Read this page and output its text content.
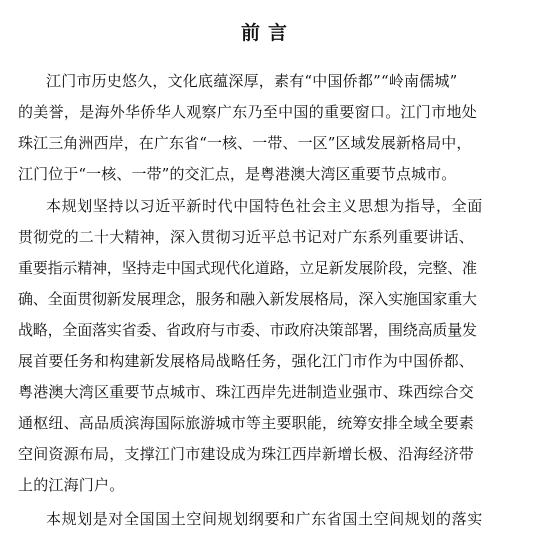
前言
江门市历史悠久，文化底蕴深厚，素有“中国侨都”“岭南儒城”
的美誉，是海外华侨华人观察广东乃至中国的重要窗口。江门市地处
珠江三角洲西岸，在广东省“一核、一带、一区”区域发展新格局中，
江门位于“一核、一带”的交汇点，是粤港澳大湾区重要节点城市。
本规划坚持以习近平新时代中国特色社会主义思想为指导，全面
贯彻党的二十大精神，深入贯彻习近平总书记对广东系列重要讲话、
重要指示精神，坚持走中国式现代化道路，立足新发展阶段，完整、准
确、全面贯彻新发展理念，服务和融入新发展格局，深入实施国家重大
战略，全面落实省委、省政府与市委、市政府决策部署，围绕高质量发
展首要任务和构建新发展格局战略任务，强化江门市作为中国侨都、
粤港澳大湾区重要节点城市、珠江西岸先进制造业强市、珠西综合交
通枢纽、高品质滨海国际旅游城市等主要职能，统筹安排全域全要素
空间资源布局，支撑江门市建设成为珠江西岸新增长极、沿海经济带
上的江海门户。
本规划是对全国国土空间规划纲要和广东省国土空间规划的落实
